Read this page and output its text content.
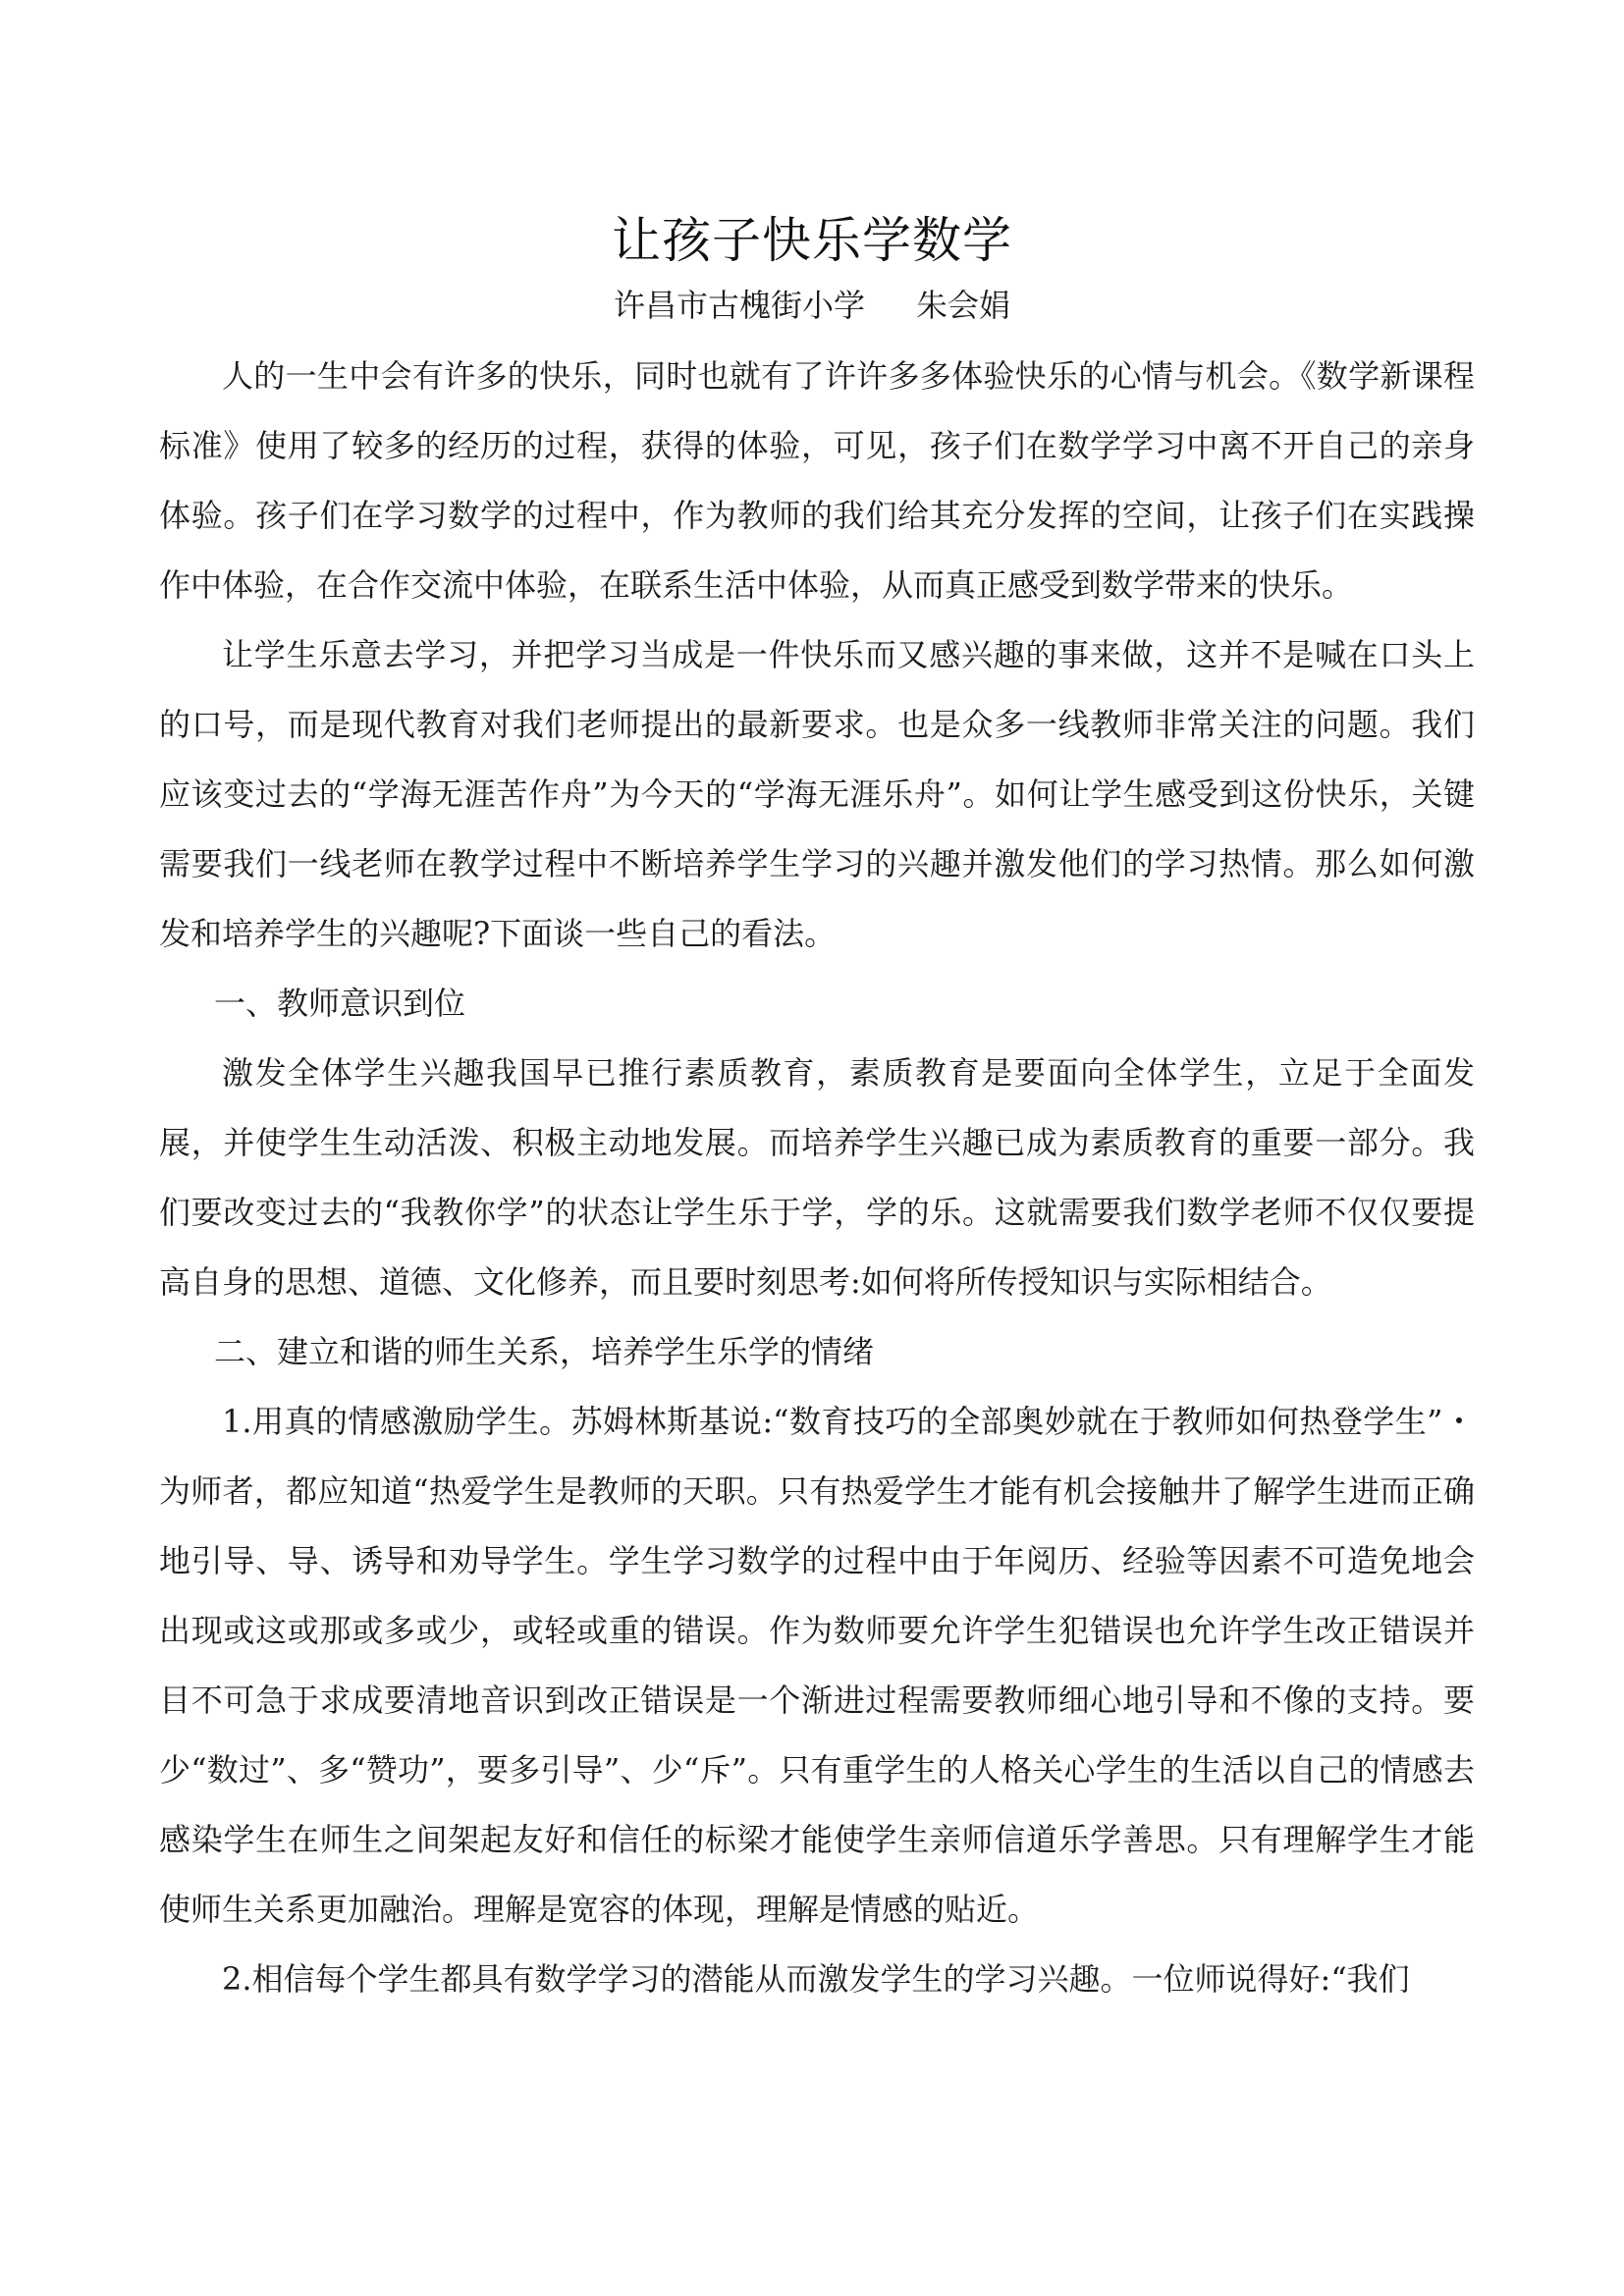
让孩子快乐学数学
许昌市古槐街小学 朱会娟

人的一生中会有许多的快乐，同时也就有了许许多多体验快乐的心情与机会。《数学新课程标准》使用了较多的经历的过程，获得的体验，可见，孩子们在数学学习中离不开自己的亲身体验。孩子们在学习数学的过程中，作为教师的我们给其充分发挥的空间，让孩子们在实践操作中体验，在合作交流中体验，在联系生活中体验，从而真正感受到数学带来的快乐。

让学生乐意去学习，并把学习当成是一件快乐而又感兴趣的事来做，这并不是喊在口头上的口号，而是现代教育对我们老师提出的最新要求。也是众多一线教师非常关注的问题。我们应该变过去的“学海无涯苦作舟”为今天的“学海无涯乐舟”。如何让学生感受到这份快乐，关键需要我们一线老师在教学过程中不断培养学生学习的兴趣并激发他们的学习热情。那么如何激发和培养学生的兴趣呢?下面谈一些自己的看法。

一、教师意识到位

激发全体学生兴趣我国早已推行素质教育，素质教育是要面向全体学生，立足于全面发展，并使学生生动活泼、积极主动地发展。而培养学生兴趣已成为素质教育的重要一部分。我们要改变过去的“我教你学”的状态让学生乐于学，学的乐。这就需要我们数学老师不仅仅要提高自身的思想、道德、文化修养，而且要时刻思考:如何将所传授知识与实际相结合。

二、建立和谐的师生关系，培养学生乐学的情绪

1.用真的情感激励学生。苏姆林斯基说:“数育技巧的全部奥妙就在于教师如何热登学生”・为师者，都应知道“热爱学生是教师的天职。只有热爱学生才能有机会接触井了解学生进而正确地引导、导、诱导和劝导学生。学生学习数学的过程中由于年阅历、经验等因素不可造免地会出现或这或那或多或少，或轻或重的错误。作为数师要允许学生犯错误也允许学生改正错误并目不可急于求成要清地音识到改正错误是一个渐进过程需要教师细心地引导和不像的支持。要少“数过”、多“赞功”，要多引导”、少“斥”。只有重学生的人格关心学生的生活以自己的情感去感染学生在师生之间架起友好和信任的标梁才能使学生亲师信道乐学善思。只有理解学生才能使师生关系更加融治。理解是宽容的体现，理解是情感的贴近。

2.相信每个学生都具有数学学习的潜能从而激发学生的学习兴趣。一位师说得好:“我们
